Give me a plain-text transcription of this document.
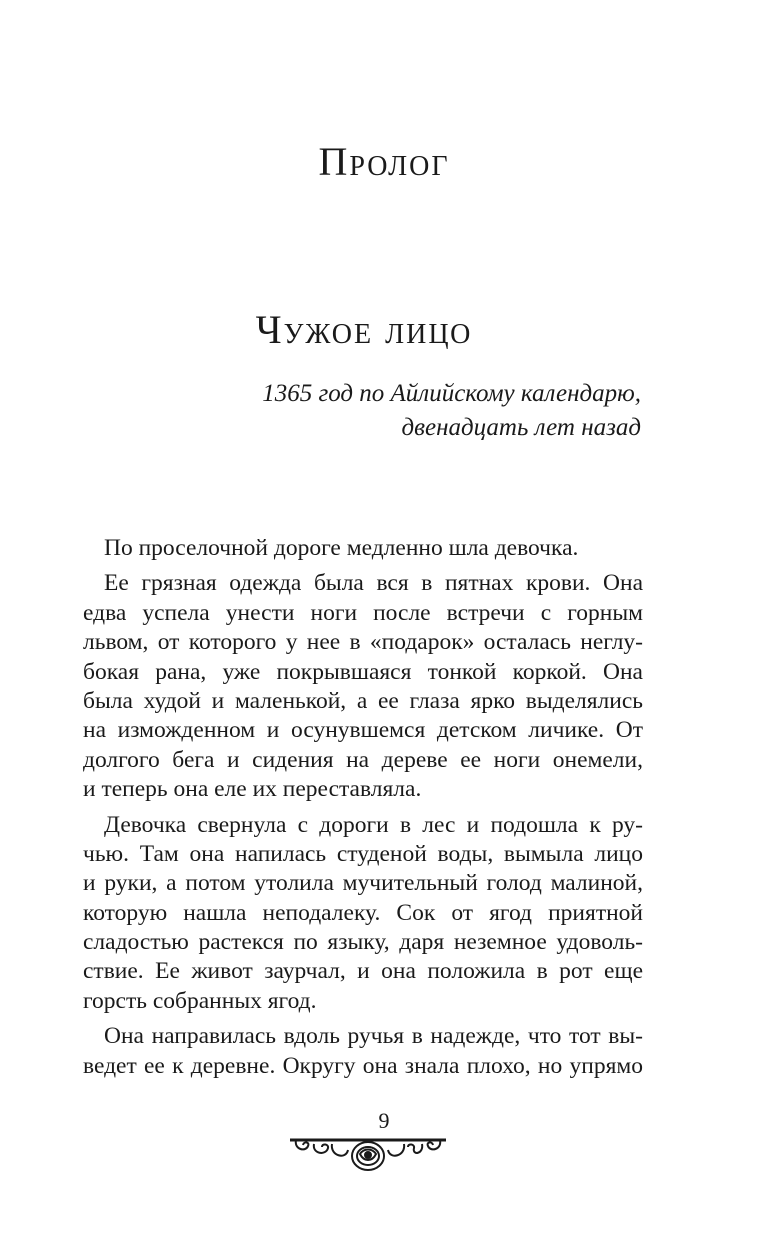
Пролог
Чужое лицо
1365 год по Айлийскому календарю,
двенадцать лет назад

По проселочной дороге медленно шла девочка.

Ее грязная одежда была вся в пятнах крови. Она
едва успела унести ноги после встречи с горным
львом, от которого у нее в «подарок» осталась неглу-
бокая рана, уже покрывшаяся тонкой коркой. Она
была худой и маленькой, а ее глаза ярко выделялись
на изможденном и осунувшемся детском личике. От
долгого бега и сидения на дереве ее ноги онемели,
и теперь она еле их переставляла.

Девочка свернула с дороги в лес и подошла к ру-
чью. Там она напилась студеной воды, вымыла лицо
и руки, а потом утолила мучительный голод малиной,
которую нашла неподалеку. Сок от ягод приятной
сладостью растекся по языку, даря неземное удоволь-
ствие. Ее живот заурчал, и она положила в рот еще
горсть собранных ягод.

Она направилась вдоль ручья в надежде, что тот вы-
ведет ее к деревне. Округу она знала плохо, но упрямо

9
